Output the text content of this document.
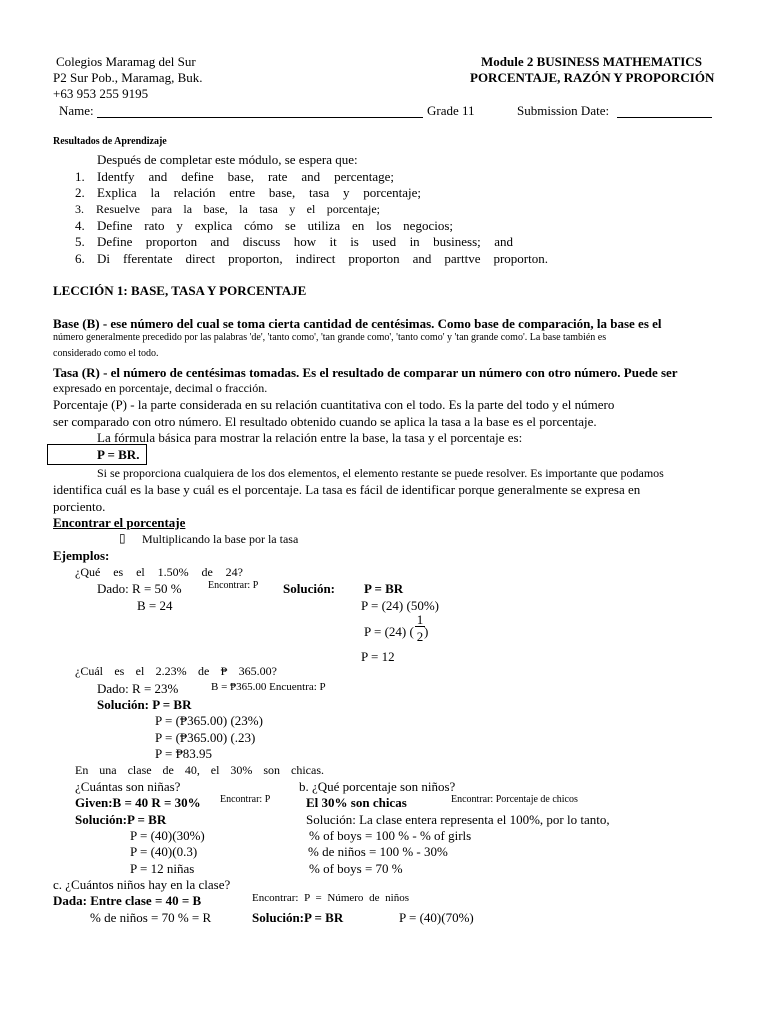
Colegios Maramag del Sur
P2 Sur Pob., Maramag, Buk.
+63 953 255 9195
Module 2 BUSINESS MATHEMATICS
PORCENTAJE, RAZÓN Y PROPORCIÓN
Name:	Grade 11	Submission Date:
Resultados de Aprendizaje
Después de completar este módulo, se espera que:
1. Identfy and define base, rate and percentage;
2. Explica la relación entre base, tasa y porcentaje;
3. Resuelve para la base, la tasa y el porcentaje;
4. Define rato y explica cómo se utiliza en los negocios;
5. Define proporton and discuss how it is used in business; and
6. Di fferentate direct proporton, indirect proporton and parttve proporton.
LECCIÓN 1: BASE, TASA Y PORCENTAJE
Base (B) - ese número del cual se toma cierta cantidad de centésimas. Como base de comparación, la base es el
número generalmente precedido por las palabras 'de', 'tanto como', 'tan grande como', 'tanto como' y 'tan grande como'. La base también es
considerado como el todo.
Tasa (R) - el número de centésimas tomadas. Es el resultado de comparar un número con otro número. Puede ser
expresado en porcentaje, decimal o fracción.
Porcentaje (P) - la parte considerada en su relación cuantitativa con el todo. Es la parte del todo y el número
ser comparado con otro número. El resultado obtenido cuando se aplica la tasa a la base es el porcentaje.
La fórmula básica para mostrar la relación entre la base, la tasa y el porcentaje es:
P = BR.
Si se proporciona cualquiera de los dos elementos, el elemento restante se puede resolver. Es importante que podamos
identifica cuál es la base y cuál es el porcentaje. La tasa es fácil de identificar porque generalmente se expresa en
porciento.
Encontrar el porcentaje
▯ Multiplicando la base por la tasa
Ejemplos:
¿Qué es el 1.50% de 24?
Dado: R = 50 %	Encontrar: P Solución: P = BR
B = 24	P = (24) (50%)
P = (24) (
1
2 )
P = 12
¿Cuál es el 2.23% de ₱ 365.00?
Dado: R = 23%	B = ₱365.00 Encuentra: P
Solución: P = BR
P = (₱365.00) (23%)
P = (₱365.00) (.23)
P = ₱83.95
En una clase de 40, el 30% son chicas.
¿Cuántas son niñas?	b. ¿Qué porcentaje son niños?
Given:B = 40 R = 30% Encontrar: P	El 30% son chicas	Encontrar: Porcentaje de chicos
Solución:P = BR	Solución: La clase entera representa el 100%, por lo tanto,
P = (40)(30%)	% of boys = 100 % - % of girls
P = (40)(0.3)	% de niños = 100 % - 30%
P = 12 niñas	% of boys = 70 %
c. ¿Cuántos niños hay en la clase?
Dada: Entre clase = 40 = B	Encontrar: P = Número de niños
% de niños = 70 % = R	Solución:P = BR	P = (40)(70%)
